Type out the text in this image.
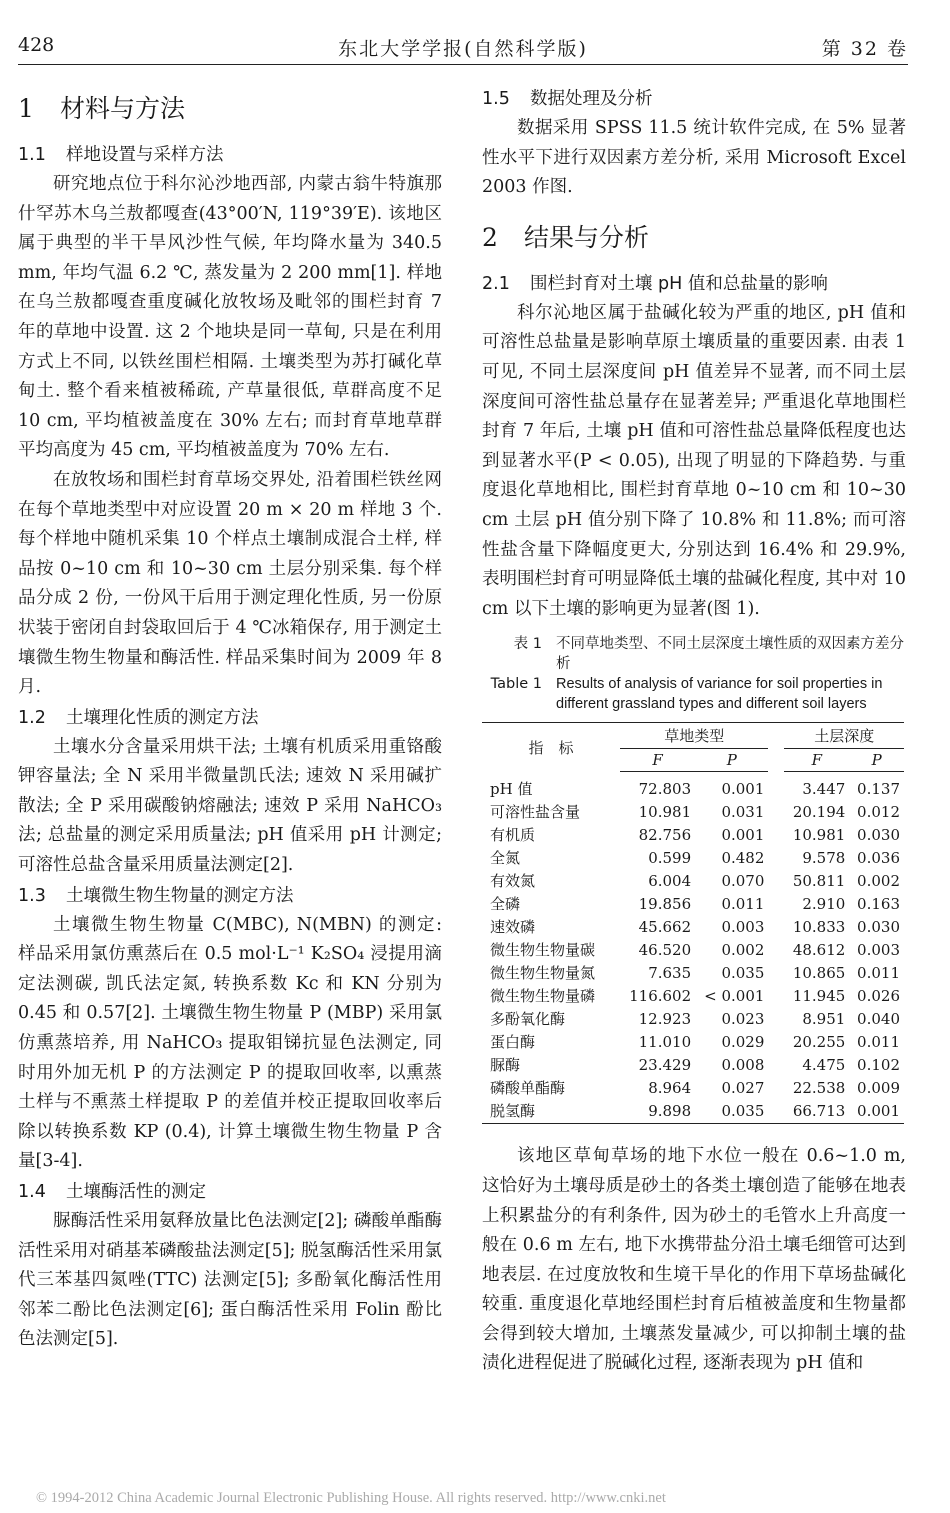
428	东北大学学报(自然科学版)	第 32 卷
1 材料与方法
1.1 样地设置与采样方法

研究地点位于科尔沁沙地西部, 内蒙古翁牛特旗那什罕苏木乌兰敖都嘎查(43°00′N, 119°39′E). 该地区属于典型的半干旱风沙性气候, 年均降水量为 340.5 mm, 年均气温 6.2 ℃, 蒸发量为 2 200 mm[1]. 样地在乌兰敖都嘎查重度碱化放牧场及毗邻的围栏封育 7 年的草地中设置. 这 2 个地块是同一草甸, 只是在利用方式上不同, 以铁丝围栏相隔. 土壤类型为苏打碱化草甸土. 整个看来植被稀疏, 产草量很低, 草群高度不足 10 cm, 平均植被盖度在 30% 左右; 而封育草地草群平均高度为 45 cm, 平均植被盖度为 70% 左右.

在放牧场和围栏封育草场交界处, 沿着围栏铁丝网在每个草地类型中对应设置 20 m × 20 m 样地 3 个. 每个样地中随机采集 10 个样点土壤制成混合土样, 样品按 0~10 cm 和 10~30 cm 土层分别采集. 每个样品分成 2 份, 一份风干后用于测定理化性质, 另一份原状装于密闭自封袋取回后于 4 ℃冰箱保存, 用于测定土壤微生物生物量和酶活性. 样品采集时间为 2009 年 8 月.

1.2 土壤理化性质的测定方法

土壤水分含量采用烘干法; 土壤有机质采用重铬酸钾容量法; 全 N 采用半微量凯氏法; 速效 N 采用碱扩散法; 全 P 采用碳酸钠熔融法; 速效 P 采用 NaHCO₃ 法; 总盐量的测定采用质量法; pH 值采用 pH 计测定; 可溶性总盐含量采用质量法测定[2].

1.3 土壤微生物生物量的测定方法

土壤微生物生物量 C(MBC), N(MBN) 的测定: 样品采用氯仿熏蒸后在 0.5 mol·L⁻¹ K₂SO₄ 浸提用滴定法测碳, 凯氏法定氮, 转换系数 Kc 和 KN 分别为 0.45 和 0.57[2]. 土壤微生物生物量 P (MBP) 采用氯仿熏蒸培养, 用 NaHCO₃ 提取钼锑抗显色法测定, 同时用外加无机 P 的方法测定 P 的提取回收率, 以熏蒸土样与不熏蒸土样提取 P 的差值并校正提取回收率后除以转换系数 KP (0.4), 计算土壤微生物生物量 P 含量[3-4].

1.4 土壤酶活性的测定

脲酶活性采用氨释放量比色法测定[2]; 磷酸单酯酶活性采用对硝基苯磷酸盐法测定[5]; 脱氢酶活性采用氯代三苯基四氮唑(TTC) 法测定[5]; 多酚氧化酶活性用邻苯二酚比色法测定[6]; 蛋白酶活性采用 Folin 酚比色法测定[5].

1.5 数据处理及分析

数据采用 SPSS 11.5 统计软件完成, 在 5% 显著性水平下进行双因素方差分析, 采用 Microsoft Excel 2003 作图.

2 结果与分析
2.1 围栏封育对土壤 pH 值和总盐量的影响

科尔沁地区属于盐碱化较为严重的地区, pH 值和可溶性总盐量是影响草原土壤质量的重要因素. 由表 1 可见, 不同土层深度间 pH 值差异不显著, 而不同土层深度间可溶性盐总量存在显著差异; 严重退化草地围栏封育 7 年后, 土壤 pH 值和可溶性盐总量降低程度也达到显著水平(P < 0.05), 出现了明显的下降趋势. 与重度退化草地相比, 围栏封育草地 0~10 cm 和 10~30 cm 土层 pH 值分别下降了 10.8% 和 11.8%; 而可溶性盐含量下降幅度更大, 分别达到 16.4% 和 29.9%, 表明围栏封育可明显降低土壤的盐碱化程度, 其中对 10 cm 以下土壤的影响更为显著(图 1).

表 1 不同草地类型、不同土层深度土壤性质的双因素方差分析
Table 1 Results of analysis of variance for soil properties in different grassland types and different soil layers
指　标	草地类型			土层深度	
	F	P		F	P
pH 值	72.803	0.001		3.447	0.137
可溶性盐含量	10.981	0.031		20.194	0.012
有机质	82.756	0.001		10.981	0.030
全氮	0.599	0.482		9.578	0.036
有效氮	6.004	0.070		50.811	0.002
全磷	19.856	0.011		2.910	0.163
速效磷	45.662	0.003		10.833	0.030
微生物生物量碳	46.520	0.002		48.612	0.003
微生物生物量氮	7.635	0.035		10.865	0.011
微生物生物量磷	116.602	< 0.001		11.945	0.026
多酚氧化酶	12.923	0.023		8.951	0.040
蛋白酶	11.010	0.029		20.255	0.011
脲酶	23.429	0.008		4.475	0.102
磷酸单酯酶	8.964	0.027		22.538	0.009
脱氢酶	9.898	0.035		66.713	0.001

该地区草甸草场的地下水位一般在 0.6~1.0 m, 这恰好为土壤母质是砂土的各类土壤创造了能够在地表上积累盐分的有利条件, 因为砂土的毛管水上升高度一般在 0.6 m 左右, 地下水携带盐分沿土壤毛细管可达到地表层. 在过度放牧和生境干旱化的作用下草场盐碱化较重. 重度退化草地经围栏封育后植被盖度和生物量都会得到较大增加, 土壤蒸发量减少, 可以抑制土壤的盐渍化进程促进了脱碱化过程, 逐渐表现为 pH 值和

© 1994-2012 China Academic Journal Electronic Publishing House. All rights reserved. http://www.cnki.net
